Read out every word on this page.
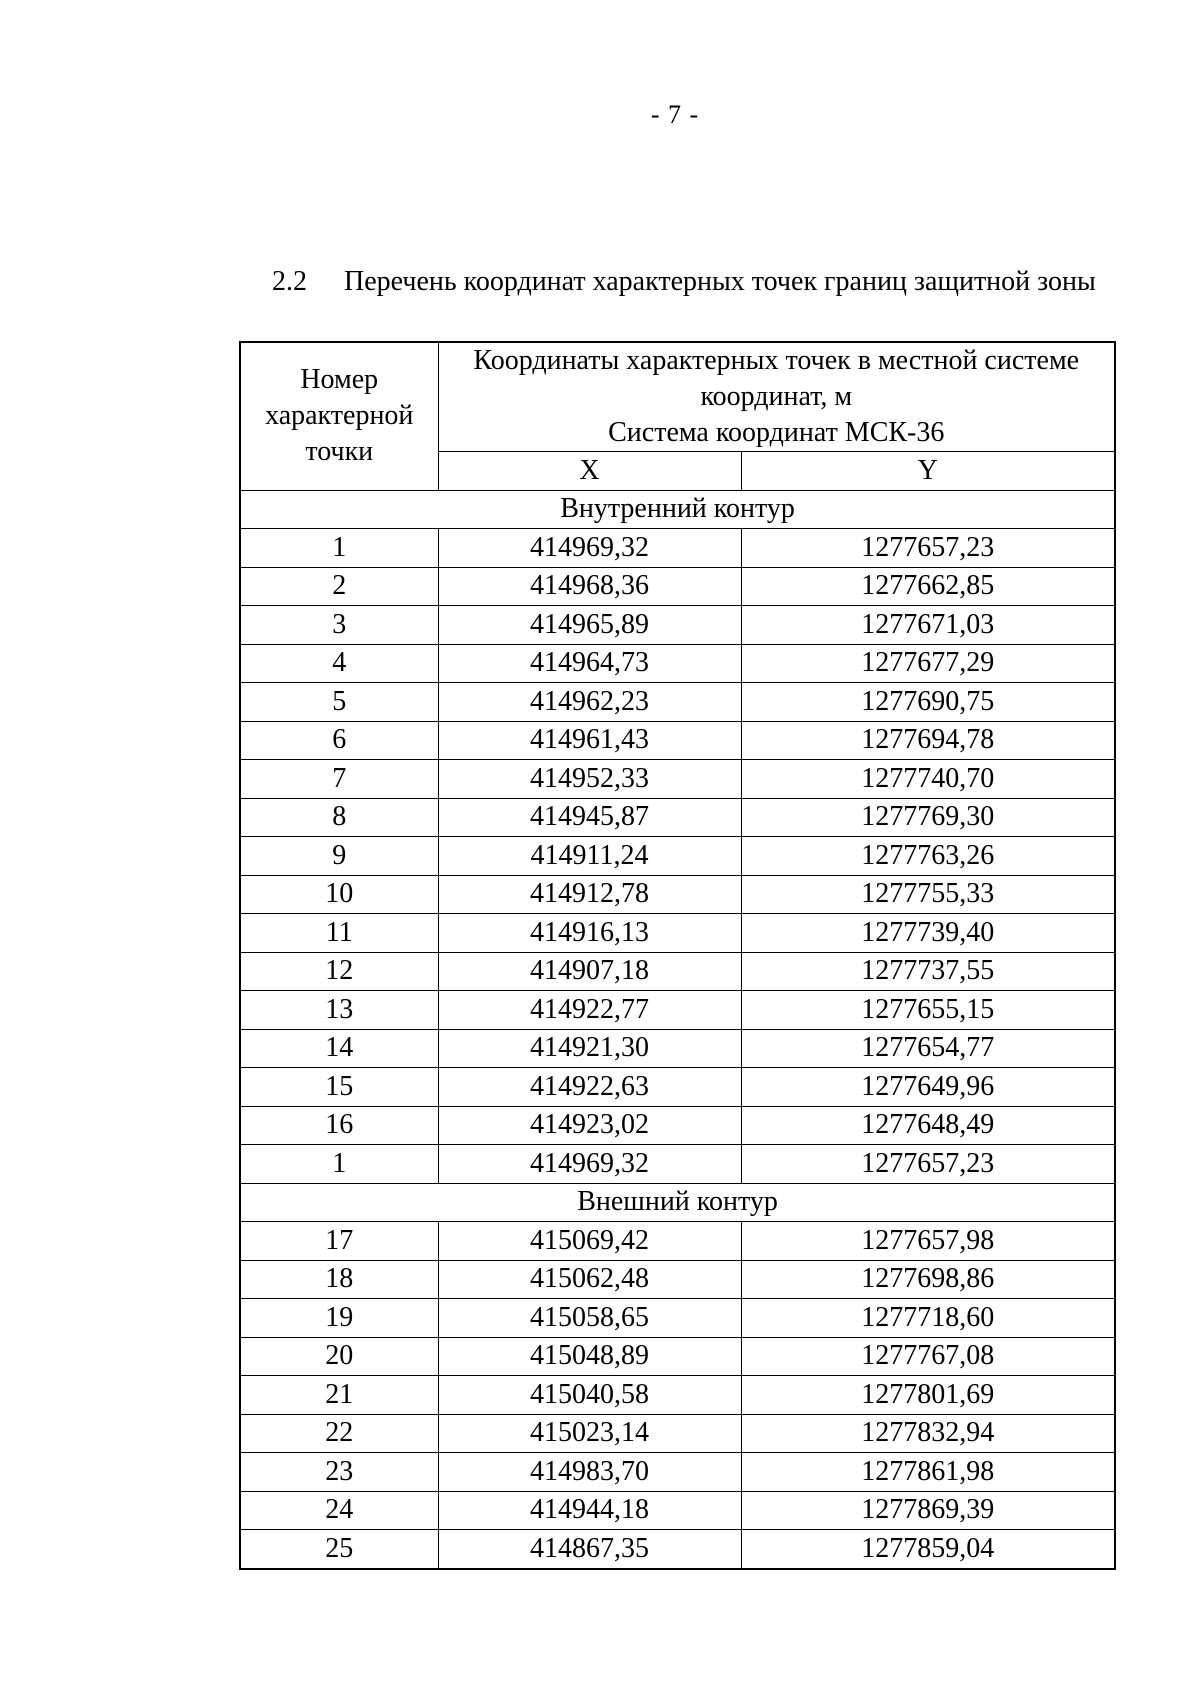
- 7 -
2.2 Перечень координат характерных точек границ защитной зоны
Номер
характерной
точки	Координаты характерных точек в местной системе
координат, м
Система координат МСК-36	

	X	Y
Внутренний контур		
1	414969,32	1277657,23
2	414968,36	1277662,85
3	414965,89	1277671,03
4	414964,73	1277677,29
5	414962,23	1277690,75
6	414961,43	1277694,78
7	414952,33	1277740,70
8	414945,87	1277769,30
9	414911,24	1277763,26
10	414912,78	1277755,33
11	414916,13	1277739,40
12	414907,18	1277737,55
13	414922,77	1277655,15
14	414921,30	1277654,77
15	414922,63	1277649,96
16	414923,02	1277648,49
1	414969,32	1277657,23
Внешний контур		
17	415069,42	1277657,98
18	415062,48	1277698,86
19	415058,65	1277718,60
20	415048,89	1277767,08
21	415040,58	1277801,69
22	415023,14	1277832,94
23	414983,70	1277861,98
24	414944,18	1277869,39
25	414867,35	1277859,04
